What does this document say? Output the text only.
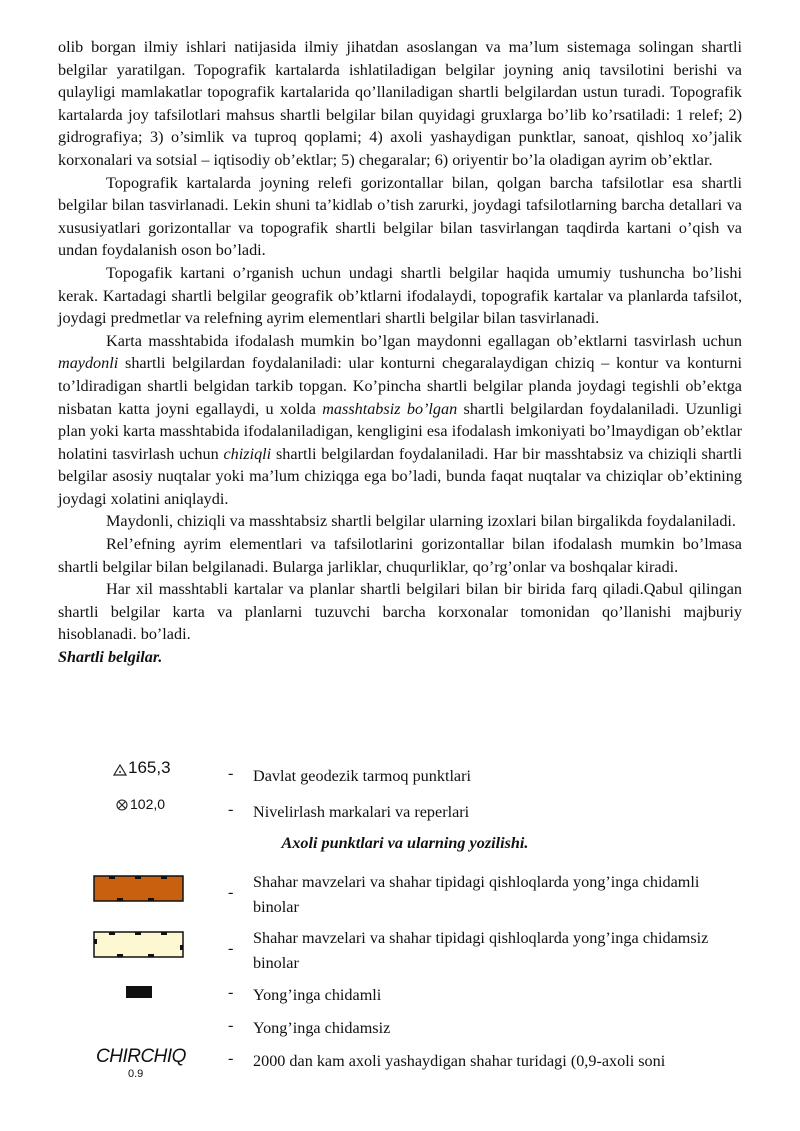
olib borgan ilmiy ishlari natijasida ilmiy jihatdan asoslangan va ma’lum sistemaga solingan shartli belgilar yaratilgan. Topografik kartalarda ishlatiladigan belgilar joyning aniq tavsilotini berishi va qulayligi mamlakatlar topografik kartalarida qo’llaniladigan shartli belgilardan ustun turadi. Topografik kartalarda joy tafsilotlari mahsus shartli belgilar bilan quyidagi gruxlarga bo’lib ko’rsatiladi: 1 relef; 2) gidrografiya; 3) o’simlik va tuproq qoplami; 4) axoli yashaydigan punktlar, sanoat, qishloq xo’jalik korxonalari va sotsial – iqtisodiy ob’ektlar; 5) chegaralar; 6) oriyentir bo’la oladigan ayrim ob’ektlar.

Topografik kartalarda joyning relefi gorizontallar bilan, qolgan barcha tafsilotlar esa shartli belgilar bilan tasvirlanadi. Lekin shuni ta’kidlab o’tish zarurki, joydagi tafsilotlarning barcha detallari va xususiyatlari gorizontallar va topografik shartli belgilar bilan tasvirlangan taqdirda kartani o’qish va undan foydalanish oson bo’ladi.

Topogafik kartani o’rganish uchun undagi shartli belgilar haqida umumiy tushuncha bo’lishi kerak. Kartadagi shartli belgilar geografik ob’ktlarni ifodalaydi, topografik kartalar va planlarda tafsilot, joydagi predmetlar va relefning ayrim elementlari shartli belgilar bilan tasvirlanadi.

Karta masshtabida ifodalash mumkin bo’lgan maydonni egallagan ob’ektlarni tasvirlash uchun maydonli shartli belgilardan foydalaniladi: ular konturni chegaralaydigan chiziq – kontur va konturni to’ldiradigan shartli belgidan tarkib topgan. Ko’pincha shartli belgilar planda joydagi tegishli ob’ektga nisbatan katta joyni egallaydi, u xolda masshtabsiz bo’lgan shartli belgilardan foydalaniladi. Uzunligi plan yoki karta masshtabida ifodalaniladigan, kengligini esa ifodalash imkoniyati bo’lmaydigan ob’ektlar holatini tasvirlash uchun chiziqli shartli belgilardan foydalaniladi. Har bir masshtabsiz va chiziqli shartli belgilar asosiy nuqtalar yoki ma’lum chiziqga ega bo’ladi, bunda faqat nuqtalar va chiziqlar ob’ektining joydagi xolatini aniqlaydi.

Maydonli, chiziqli va masshtabsiz shartli belgilar ularning izoxlari bilan birgalikda foydalaniladi.

Rel’efning ayrim elementlari va tafsilotlarini gorizontallar bilan ifodalash mumkin bo’lmasa shartli belgilar bilan belgilanadi. Bularga jarliklar, chuqurliklar, qo’rg’onlar va boshqalar kiradi.

Har xil masshtabli kartalar va planlar shartli belgilari bilan bir birida farq qiladi.Qabul qilingan shartli belgilar karta va planlarni tuzuvchi barcha korxonalar tomonidan qo’llanishi majburiy hisoblanadi. bo’ladi.

Shartli belgilar.

165,3	- Davlat geodezik tarmoq punktlari
102,0	- Nivelirlash markalari va reperlari

Axoli punktlari va ularning yozilishi.

-
Shahar mavzelari va shahar tipidagi qishloqlarda yong’inga chidamli binolar
-
Shahar mavzelari va shahar tipidagi qishloqlarda yong’inga chidamsiz binolar
- Yong’inga chidamli
- Yong’inga chidamsiz
CHIRCHIQ
0.9
- 2000 dan kam axoli yashaydigan shahar turidagi (0,9-axoli soni
